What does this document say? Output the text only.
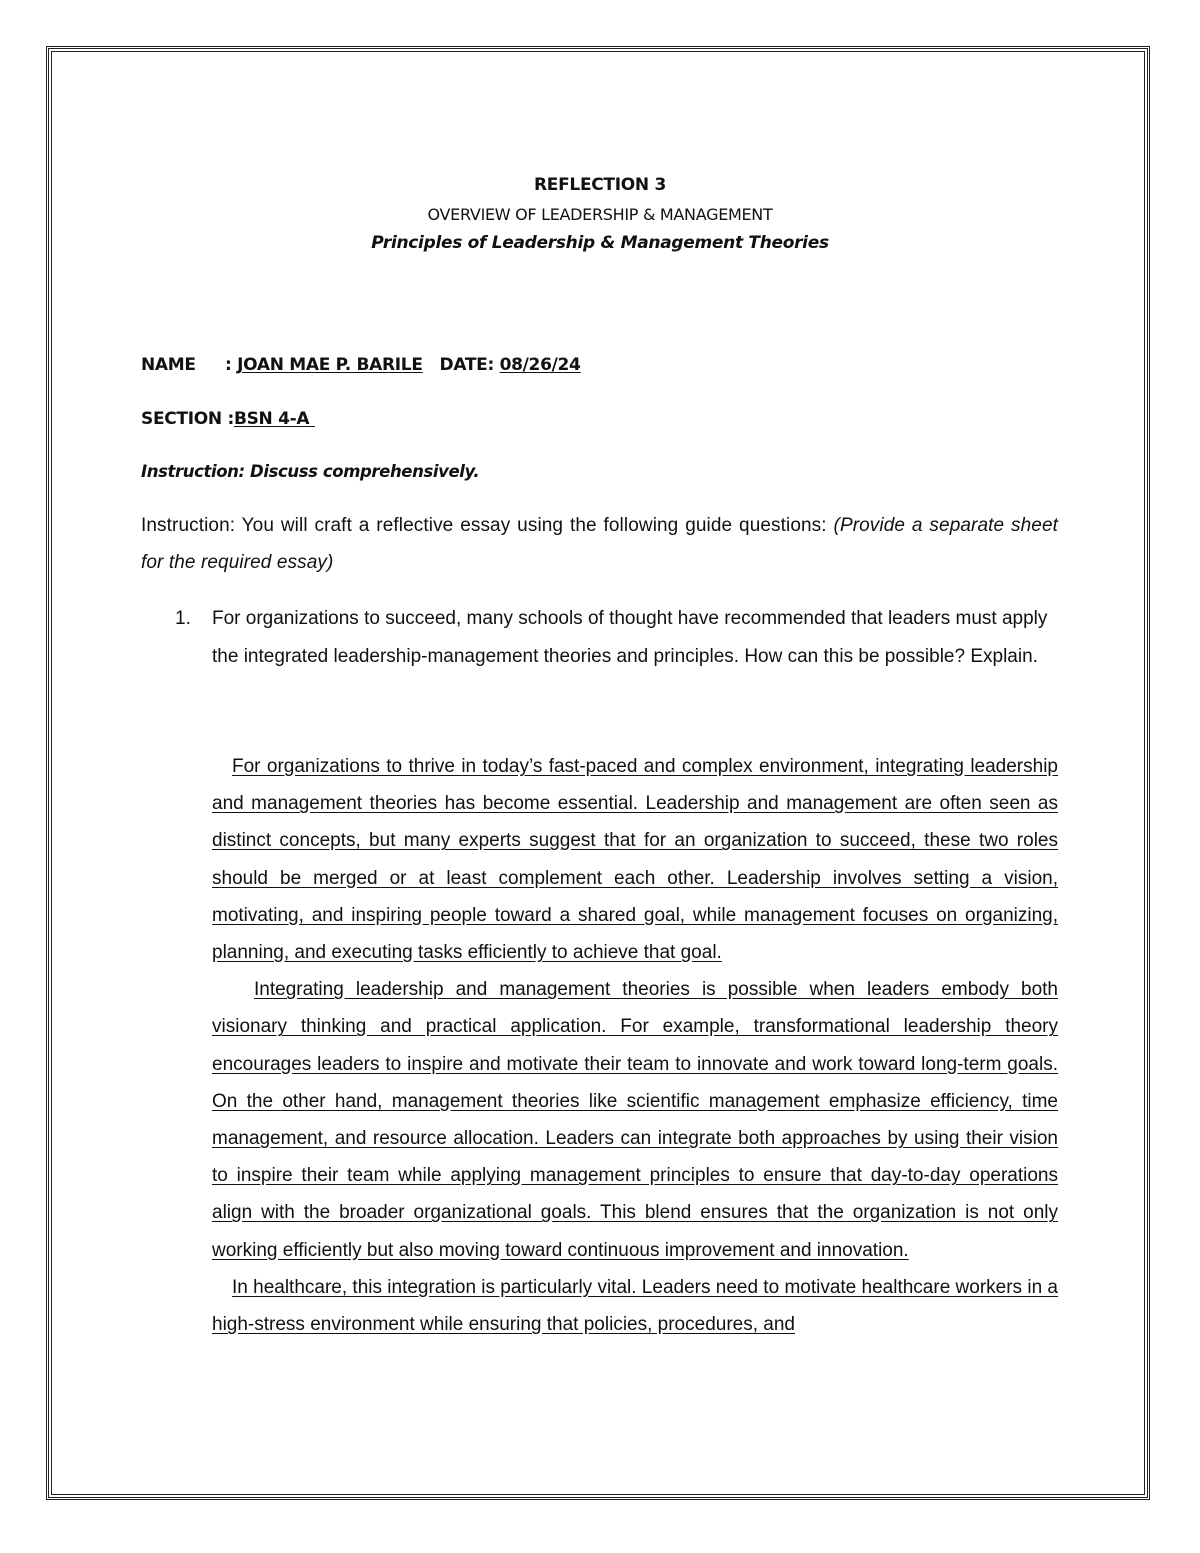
REFLECTION 3
OVERVIEW OF LEADERSHIP & MANAGEMENT
Principles of Leadership & Management Theories
NAME : JOAN MAE P. BARILE DATE: 08/26/24
SECTION :BSN 4-A
Instruction: Discuss comprehensively.
Instruction: You will craft a reflective essay using the following guide questions: (Provide a separate sheet for the required essay)
1. For organizations to succeed, many schools of thought have recommended that leaders must apply the integrated leadership-management theories and principles. How can this be possible? Explain.

For organizations to thrive in today’s fast-paced and complex environment, integrating leadership and management theories has become essential. Leadership and management are often seen as distinct concepts, but many experts suggest that for an organization to succeed, these two roles should be merged or at least complement each other. Leadership involves setting a vision, motivating, and inspiring people toward a shared goal, while management focuses on organizing, planning, and executing tasks efficiently to achieve that goal.

Integrating leadership and management theories is possible when leaders embody both visionary thinking and practical application. For example, transformational leadership theory encourages leaders to inspire and motivate their team to innovate and work toward long-term goals. On the other hand, management theories like scientific management emphasize efficiency, time management, and resource allocation. Leaders can integrate both approaches by using their vision to inspire their team while applying management principles to ensure that day-to-day operations align with the broader organizational goals. This blend ensures that the organization is not only working efficiently but also moving toward continuous improvement and innovation.

In healthcare, this integration is particularly vital. Leaders need to motivate healthcare workers in a high-stress environment while ensuring that policies, procedures, and
